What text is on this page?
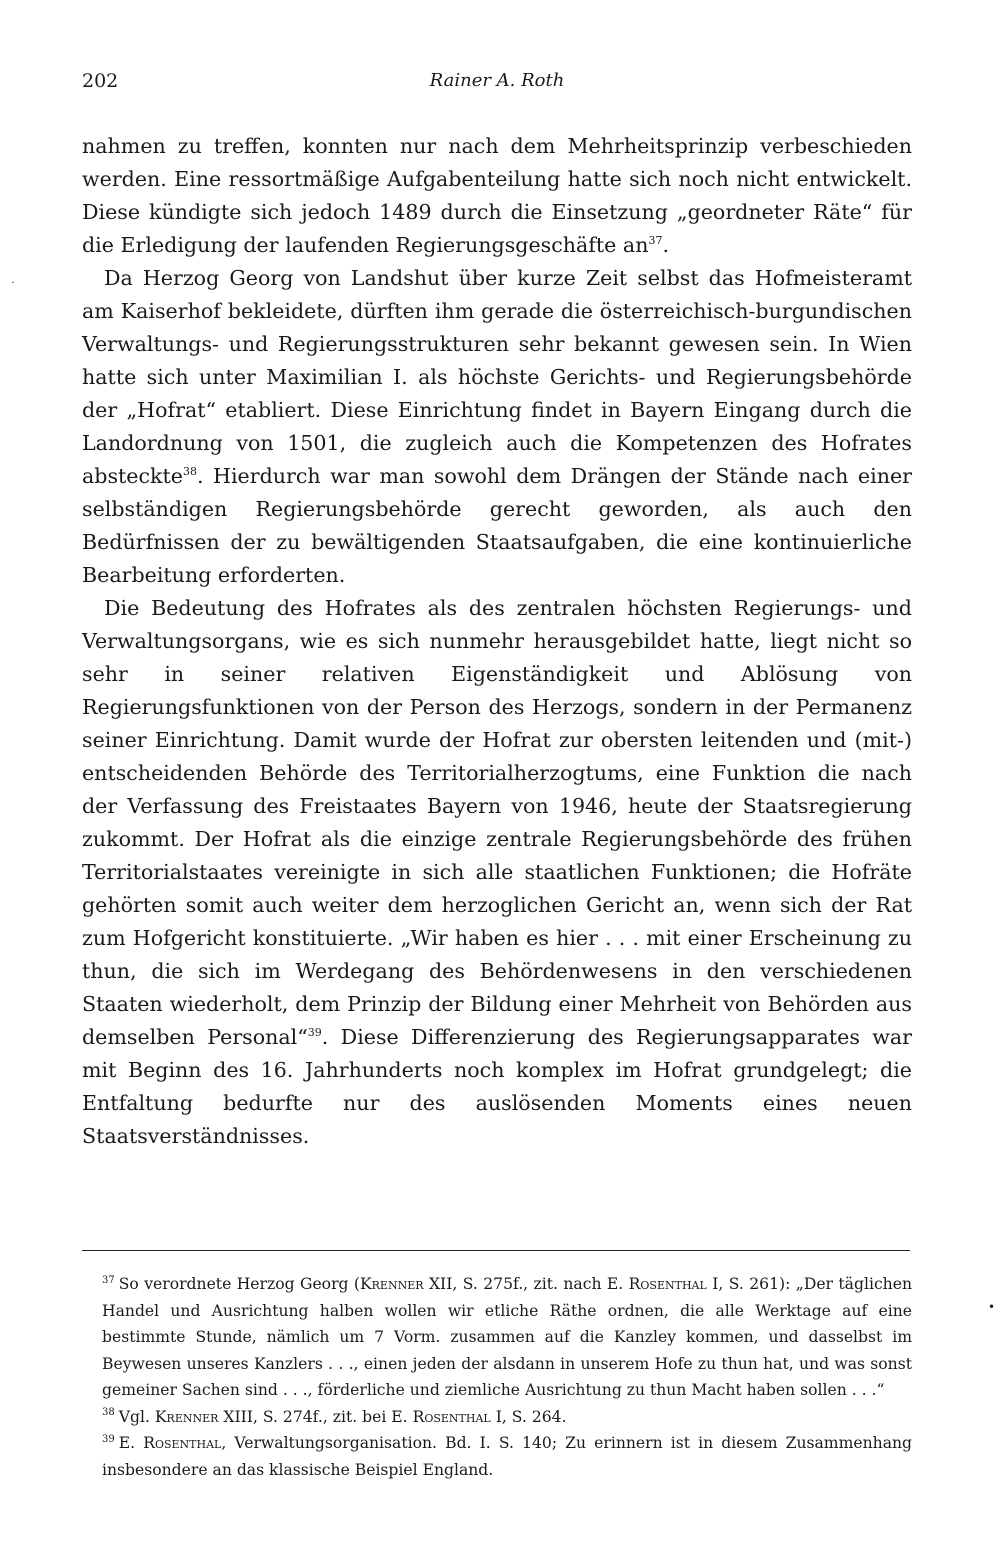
202	Rainer A. Roth

nahmen zu treffen, konnten nur nach dem Mehrheitsprinzip verbeschieden werden. Eine ressortmäßige Aufgabenteilung hatte sich noch nicht entwickelt. Diese kündigte sich jedoch 1489 durch die Einsetzung „geordneter Räte“ für die Erledigung der laufenden Regierungsgeschäfte $an^{37}$.

Da Herzog Georg von Landshut über kurze Zeit selbst das Hofmeisteramt am Kaiserhof bekleidete, dürften ihm gerade die österreichisch-burgundischen Verwaltungs- und Regierungsstrukturen sehr bekannt gewesen sein. In Wien hatte sich unter Maximilian I. als höchste Gerichts- und Regierungsbehörde der „Hofrat“ etabliert. Diese Einrichtung findet in Bayern Eingang durch die Landordnung von 1501, die zugleich auch die Kompetenzen des Hofrates absteckte$^{38}$. Hierdurch war man sowohl dem Drängen der Stände nach einer selbständigen Regierungsbehörde gerecht geworden, als auch den Bedürfnissen der zu bewältigenden Staatsaufgaben, die eine kontinuierliche Bearbeitung erforderten.

Die Bedeutung des Hofrates als des zentralen höchsten Regierungs- und Verwaltungsorgans, wie es sich nunmehr herausgebildet hatte, liegt nicht so sehr in seiner relativen Eigenständigkeit und Ablösung von Regierungsfunktionen von der Person des Herzogs, sondern in der Permanenz seiner Einrichtung. Damit wurde der Hofrat zur obersten leitenden und (mit-) entscheidenden Behörde des Territorialherzogtums, eine Funktion die nach der Verfassung des Freistaates Bayern von 1946, heute der Staatsregierung zukommt. Der Hofrat als die einzige zentrale Regierungsbehörde des frühen Territorialstaates vereinigte in sich alle staatlichen Funktionen; die Hofräte gehörten somit auch weiter dem herzoglichen Gericht an, wenn sich der Rat zum Hofgericht konstituierte. „Wir haben es hier . . . mit einer Erscheinung zu thun, die sich im Werdegang des Behördenwesens in den verschiedenen Staaten wiederholt, dem Prinzip der Bildung einer Mehrheit von Behörden aus demselben Personal“$^{39}$. Diese Differenzierung des Regierungsapparates war mit Beginn des 16. Jahrhunderts noch komplex im Hofrat grundgelegt; die Entfaltung bedurfte nur des auslösenden Moments eines neuen Staatsverständnisses.

$^{37}$ So verordnete Herzog Georg (Krenner XII, S. 275f., zit. nach E. Rosenthal I, S. 261): „Der täglichen Handel und Ausrichtung halben wollen wir etliche Räthe ordnen, die alle Werktage auf eine bestimmte Stunde, nämlich um 7 Vorm. zusammen auf die Kanzley kommen, und dasselbst im Beywesen unseres Kanzlers . . ., einen jeden der alsdann in unserem Hofe zu thun hat, und was sonst gemeiner Sachen sind . . ., förderliche und ziemliche Ausrichtung zu thun Macht haben sollen . . .“

$^{38}$ Vgl. Krenner XIII, S. 274f., zit. bei E. Rosenthal I, S. 264.

$^{39}$ E. Rosenthal, Verwaltungsorganisation. Bd. I. S. 140; Zu erinnern ist in diesem Zusammenhang insbesondere an das klassische Beispiel England.

˙
•
